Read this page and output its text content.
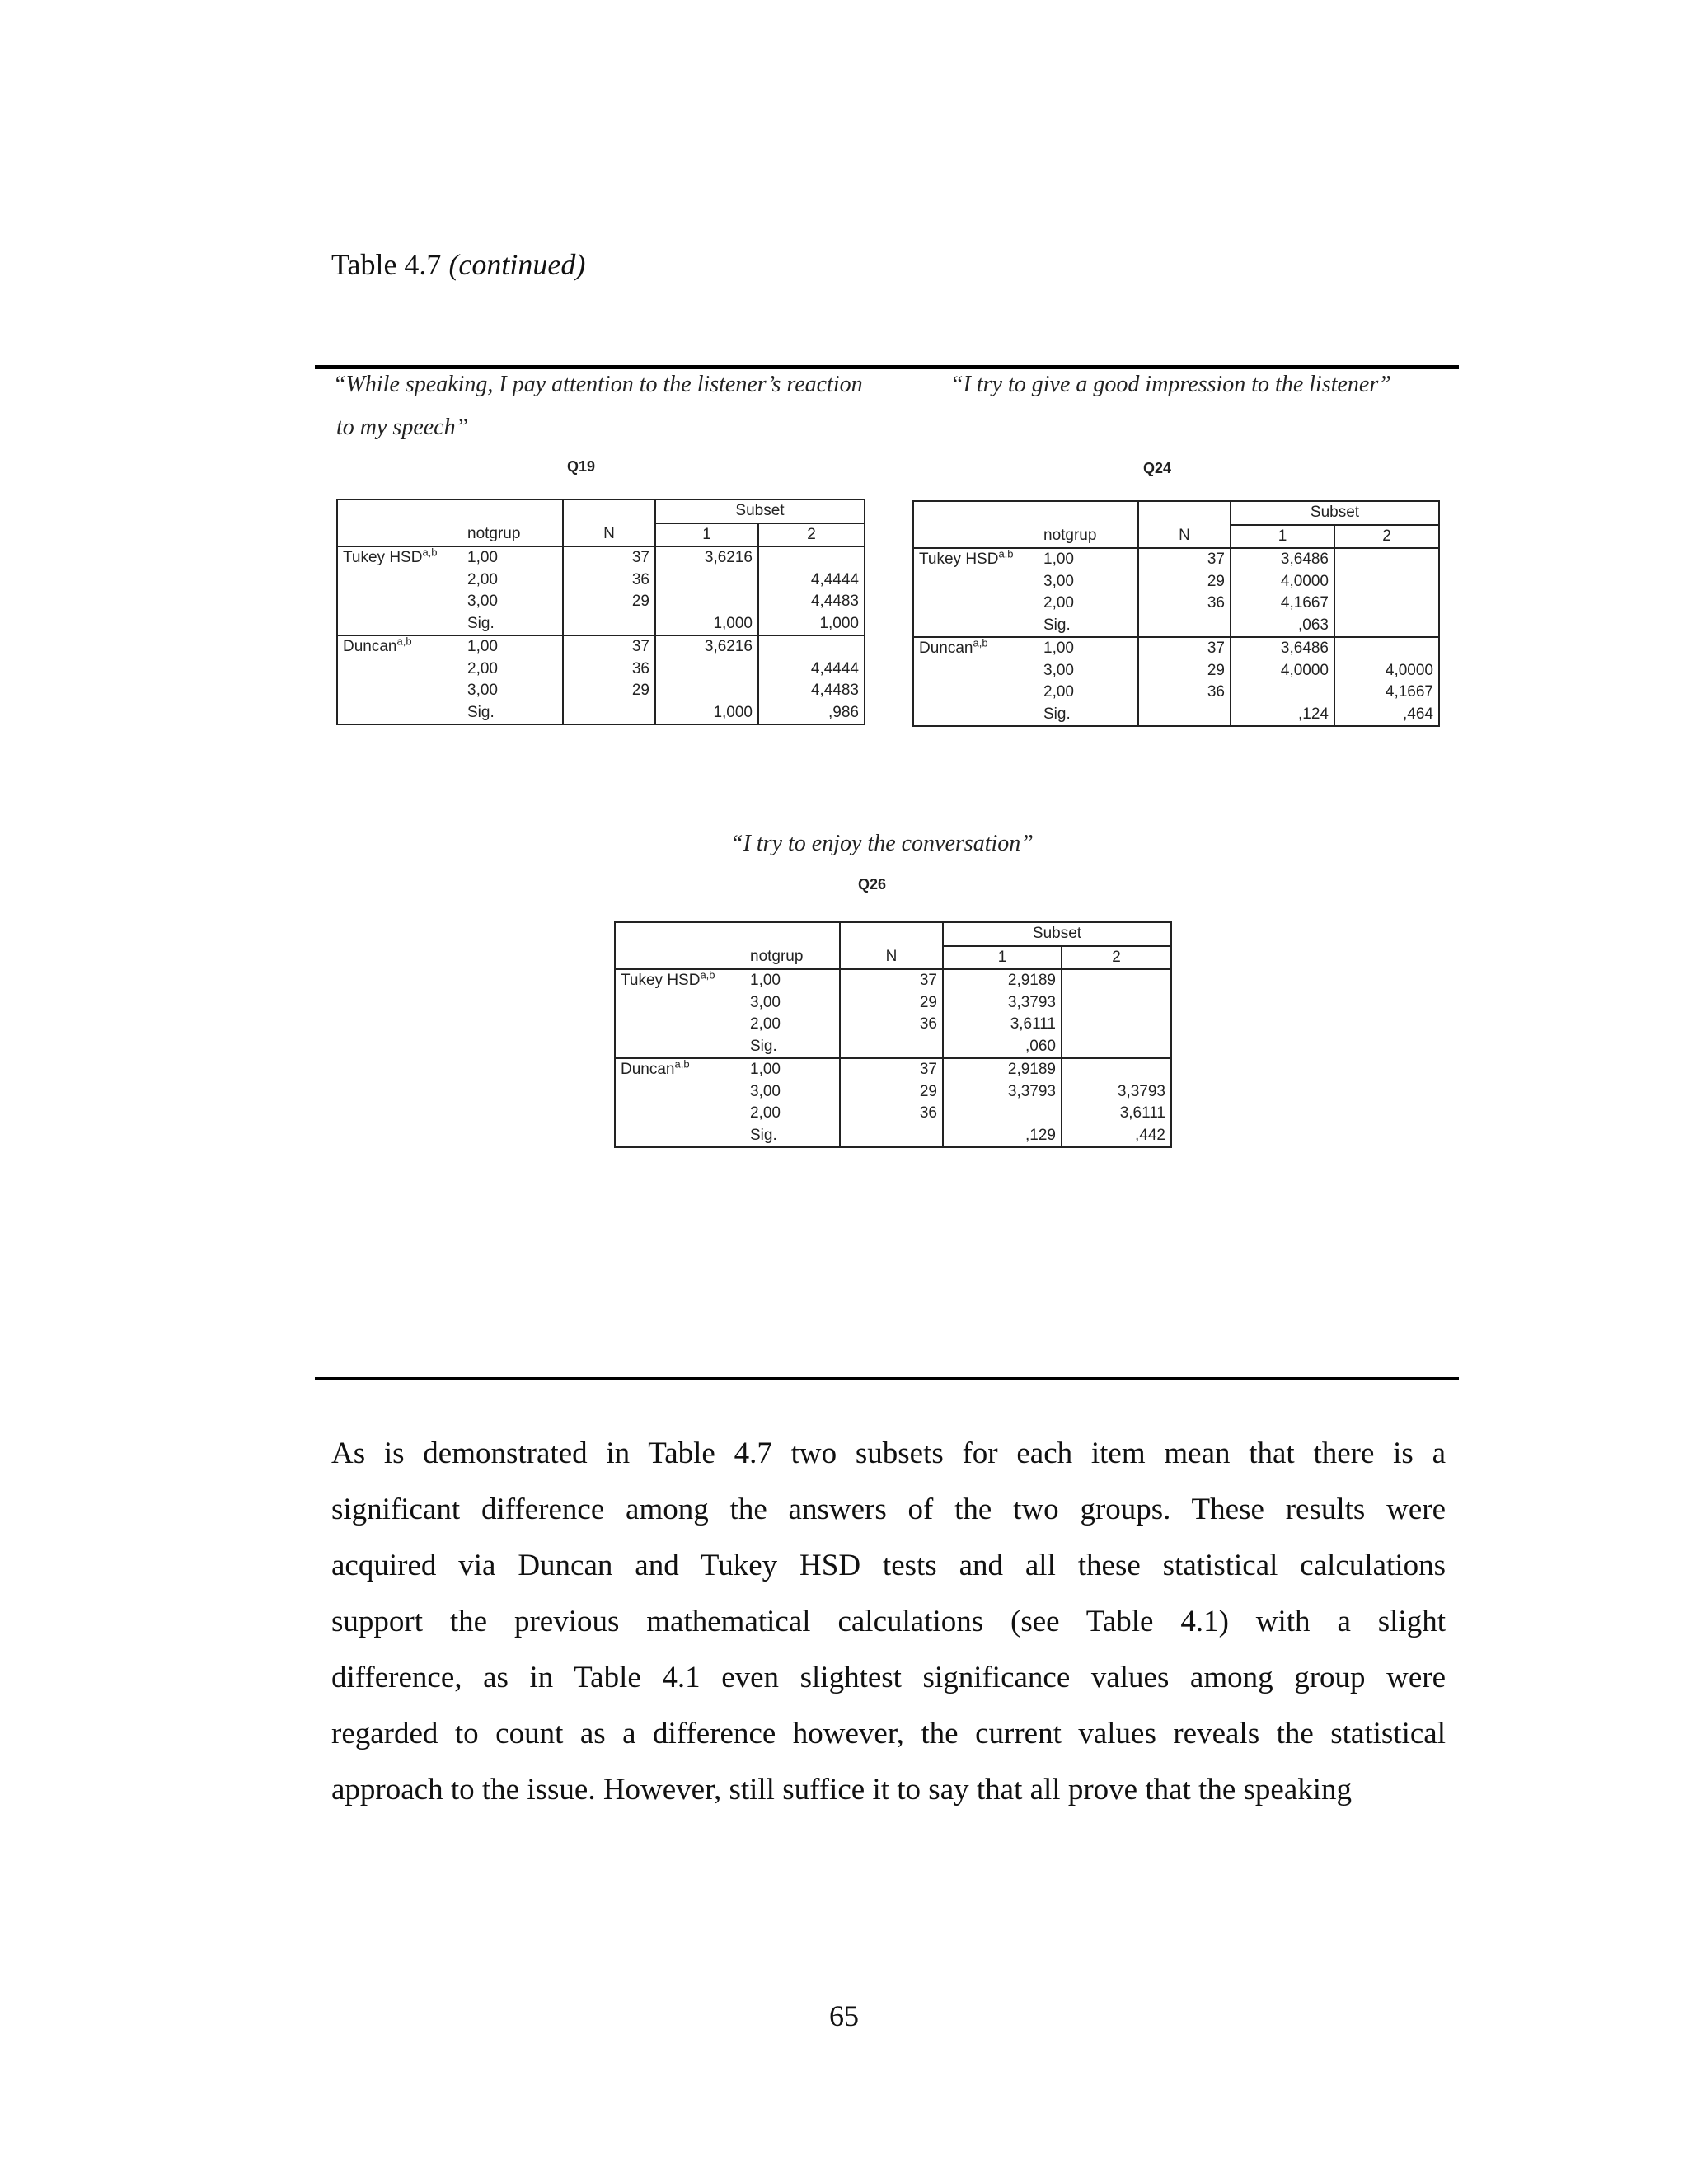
Table 4.7 (continued)
“While speaking, I pay attention to the listener’s reaction
to my speech”
“I try to give a good impression to the listener”
“I try to enjoy the conversation”
Q19	Q24
Q26
			Subset	
	notgrup	N	1	2
Tukey HSD$^{a,b}$	1,00	37	3,6216	
	2,00	36		4,4444
	3,00	29		4,4483
	Sig.		1,000	1,000
Duncan$^{a,b}$	1,00	37	3,6216	
	2,00	36		4,4444
	3,00	29		4,4483
	Sig.		1,000	,986
			Subset	
	notgrup	N	1	2
Tukey HSD$^{a,b}$	1,00	37	3,6486	
	3,00	29	4,0000	
	2,00	36	4,1667	
	Sig.		,063	
Duncan$^{a,b}$	1,00	37	3,6486	
	3,00	29	4,0000	4,0000
	2,00	36		4,1667
	Sig.		,124	,464
			Subset	
	notgrup	N	1	2
Tukey HSD$^{a,b}$	1,00	37	2,9189	
	3,00	29	3,3793	
	2,00	36	3,6111	
	Sig.		,060	
Duncan$^{a,b}$	1,00	37	2,9189	
	3,00	29	3,3793	3,3793
	2,00	36		3,6111
	Sig.		,129	,442
As is demonstrated in Table 4.7 two subsets for each item mean that there is a
significant difference among the answers of the two groups. These results were
acquired via Duncan and Tukey HSD tests and all these statistical calculations
support the previous mathematical calculations (see Table 4.1) with a slight
difference, as in Table 4.1 even slightest significance values among group were
regarded to count as a difference however, the current values reveals the statistical
approach to the issue. However, still suffice it to say that all prove that the speaking
65
